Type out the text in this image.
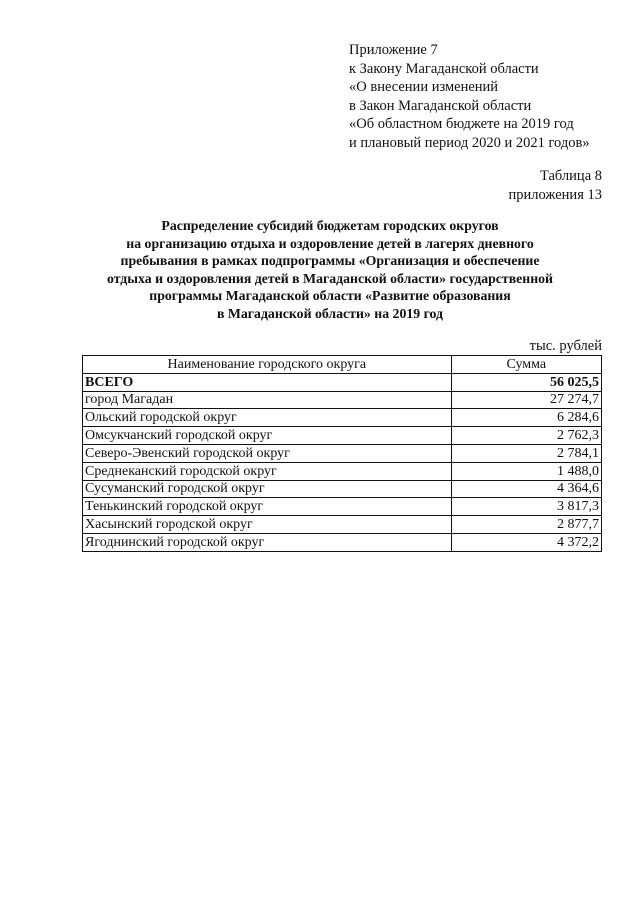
Приложение 7
к Закону Магаданской области
«О внесении изменений
в Закон Магаданской области
«Об областном бюджете на 2019 год
и плановый период 2020 и 2021 годов»
Таблица 8
приложения 13
Распределение субсидий бюджетам городских округов
на организацию отдыха и оздоровление детей в лагерях дневного
пребывания в рамках подпрограммы «Организация и обеспечение
отдыха и оздоровления детей в Магаданской области» государственной
программы Магаданской области «Развитие образования
в Магаданской области» на 2019 год
тыс. рублей
Наименование городского округа	Сумма
ВСЕГО	56 025,5
город Магадан	27 274,7
Ольский городской округ	6 284,6
Омсукчанский городской округ	2 762,3
Северо-Эвенский городской округ	2 784,1
Среднеканский городской округ	1 488,0
Сусуманский городской округ	4 364,6
Тенькинский городской округ	3 817,3
Хасынский городской округ	2 877,7
Ягоднинский городской округ	4 372,2
